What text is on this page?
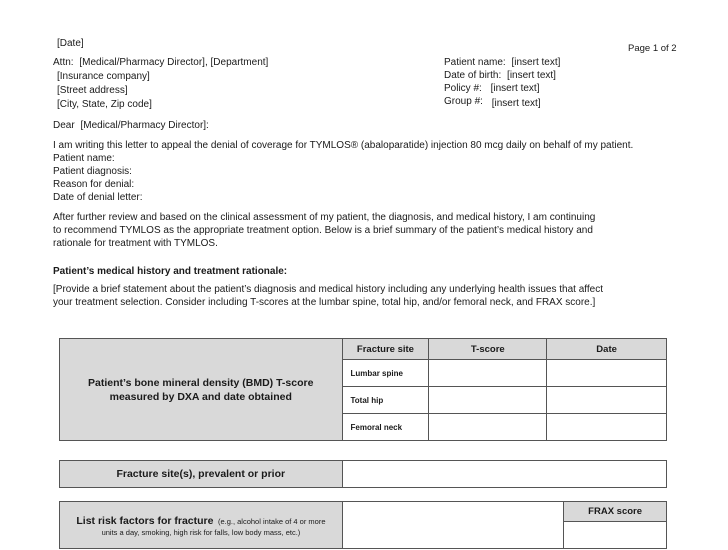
[Date]	Page 1 of 2
Attn: [Medical/Pharmacy Director], [Department]
[Insurance company]
[Street address]
[City, State, Zip code]
Patient name: [insert text]
Date of birth: [insert text]
Policy #: [insert text]
Group #: [insert text]
Dear [Medical/Pharmacy Director]:
I am writing this letter to appeal the denial of coverage for TYMLOS® (abaloparatide) injection 80 mcg daily on behalf of my patient.
Patient name:
Patient diagnosis:
Reason for denial:
Date of denial letter:
After further review and based on the clinical assessment of my patient, the diagnosis, and medical history, I am continuing
to recommend TYMLOS as the appropriate treatment option. Below is a brief summary of the patient’s medical history and
rationale for treatment with TYMLOS.
Patient’s medical history and treatment rationale:
[Provide a brief statement about the patient’s diagnosis and medical history including any underlying health issues that affect
your treatment selection. Consider including T-scores at the lumbar spine, total hip, and/or femoral neck, and FRAX score.]
Patient’s bone mineral density (BMD) T-score
measured by DXA and date obtained	Fracture site	T-score	Date
	Lumbar spine		
	Total hip		
	Femoral neck		
Fracture site(s), prevalent or prior	
List risk factors for fracture (e.g., alcohol intake of 4 or more
units a day, smoking, high risk for falls, low body mass, etc.)
		FRAX score
